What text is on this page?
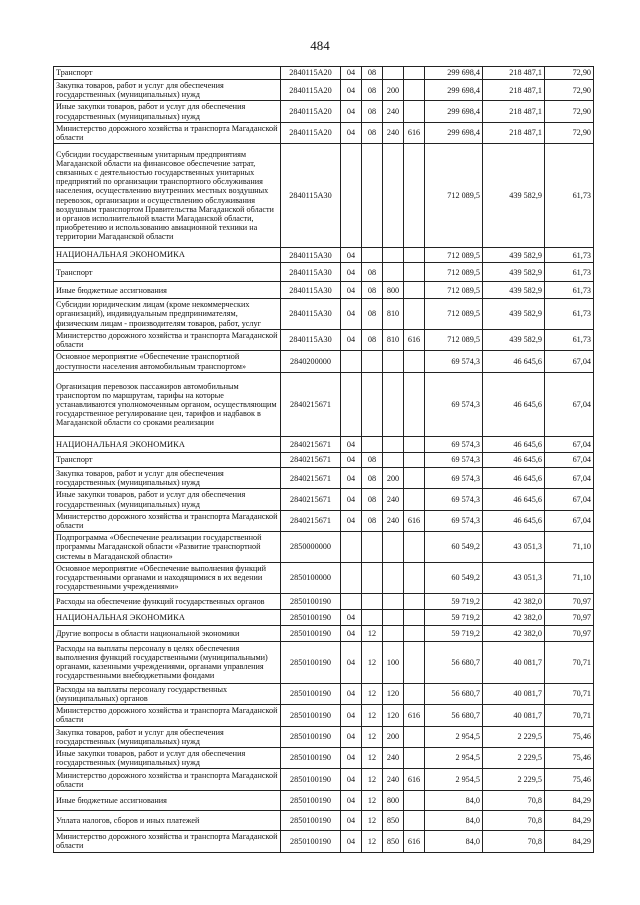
484
Транспорт	2840115А20	04	08			299 698,4	218 487,1	72,90
Закупка товаров, работ и услуг для обеспечения государственных (муниципальных) нужд	2840115А20	04	08	200		299 698,4	218 487,1	72,90
Иные закупки товаров, работ и услуг для обеспечения государственных (муниципальных) нужд	2840115А20	04	08	240		299 698,4	218 487,1	72,90
Министерство дорожного хозяйства и транспорта Магаданской области	2840115А20	04	08	240	616	299 698,4	218 487,1	72,90
Субсидии государственным унитарным предприятиям Магаданской области на финансовое обеспечение затрат, связанных с деятельностью государственных унитарных предприятий по организации транспортного обслуживания населения, осуществлению внутренних местных воздушных перевозок, организации и осуществлению обслуживания воздушным транспортом Правительства Магаданской области и органов исполнительной власти Магаданской области, приобретению и использованию авиационной техники на территории Магаданской области	2840115А30					712 089,5	439 582,9	61,73
НАЦИОНАЛЬНАЯ ЭКОНОМИКА	2840115А30	04				712 089,5	439 582,9	61,73
Транспорт	2840115А30	04	08			712 089,5	439 582,9	61,73
Иные бюджетные ассигнования	2840115А30	04	08	800		712 089,5	439 582,9	61,73
Субсидии юридическим лицам (кроме некоммерческих организаций), индивидуальным предпринимателям, физическим лицам - производителям товаров, работ, услуг	2840115А30	04	08	810		712 089,5	439 582,9	61,73
Министерство дорожного хозяйства и транспорта Магаданской области	2840115А30	04	08	810	616	712 089,5	439 582,9	61,73
Основное мероприятие «Обеспечение транспортной доступности населения автомобильным транспортом»	2840200000					69 574,3	46 645,6	67,04
Организация перевозок пассажиров автомобильным транспортом по маршрутам, тарифы на которые устанавливаются уполномоченным органом, осуществляющим государственное регулирование цен, тарифов и надбавок в Магаданской области со сроками реализации	2840215671					69 574,3	46 645,6	67,04
НАЦИОНАЛЬНАЯ ЭКОНОМИКА	2840215671	04				69 574,3	46 645,6	67,04
Транспорт	2840215671	04	08			69 574,3	46 645,6	67,04
Закупка товаров, работ и услуг для обеспечения государственных (муниципальных) нужд	2840215671	04	08	200		69 574,3	46 645,6	67,04
Иные закупки товаров, работ и услуг для обеспечения государственных (муниципальных) нужд	2840215671	04	08	240		69 574,3	46 645,6	67,04
Министерство дорожного хозяйства и транспорта Магаданской области	2840215671	04	08	240	616	69 574,3	46 645,6	67,04
Подпрограмма «Обеспечение реализации государственной программы Магаданской области «Развитие транспортной системы в Магаданской области»	2850000000					60 549,2	43 051,3	71,10
Основное мероприятие «Обеспечение выполнения функций государственными органами и находящимися в их ведении государственными учреждениями»	2850100000					60 549,2	43 051,3	71,10
Расходы на обеспечение функций государственных органов	2850100190					59 719,2	42 382,0	70,97
НАЦИОНАЛЬНАЯ ЭКОНОМИКА	2850100190	04				59 719,2	42 382,0	70,97
Другие вопросы в области национальной экономики	2850100190	04	12			59 719,2	42 382,0	70,97
Расходы на выплаты персоналу в целях обеспечения выполнения функций государственными (муниципальными) органами, казенными учреждениями, органами управления государственными внебюджетными фондами	2850100190	04	12	100		56 680,7	40 081,7	70,71
Расходы на выплаты персоналу государственных (муниципальных) органов	2850100190	04	12	120		56 680,7	40 081,7	70,71
Министерство дорожного хозяйства и транспорта Магаданской области	2850100190	04	12	120	616	56 680,7	40 081,7	70,71
Закупка товаров, работ и услуг для обеспечения государственных (муниципальных) нужд	2850100190	04	12	200		2 954,5	2 229,5	75,46
Иные закупки товаров, работ и услуг для обеспечения государственных (муниципальных) нужд	2850100190	04	12	240		2 954,5	2 229,5	75,46
Министерство дорожного хозяйства и транспорта Магаданской области	2850100190	04	12	240	616	2 954,5	2 229,5	75,46
Иные бюджетные ассигнования	2850100190	04	12	800		84,0	70,8	84,29
Уплата налогов, сборов и иных платежей	2850100190	04	12	850		84,0	70,8	84,29
Министерство дорожного хозяйства и транспорта Магаданской области	2850100190	04	12	850	616	84,0	70,8	84,29
